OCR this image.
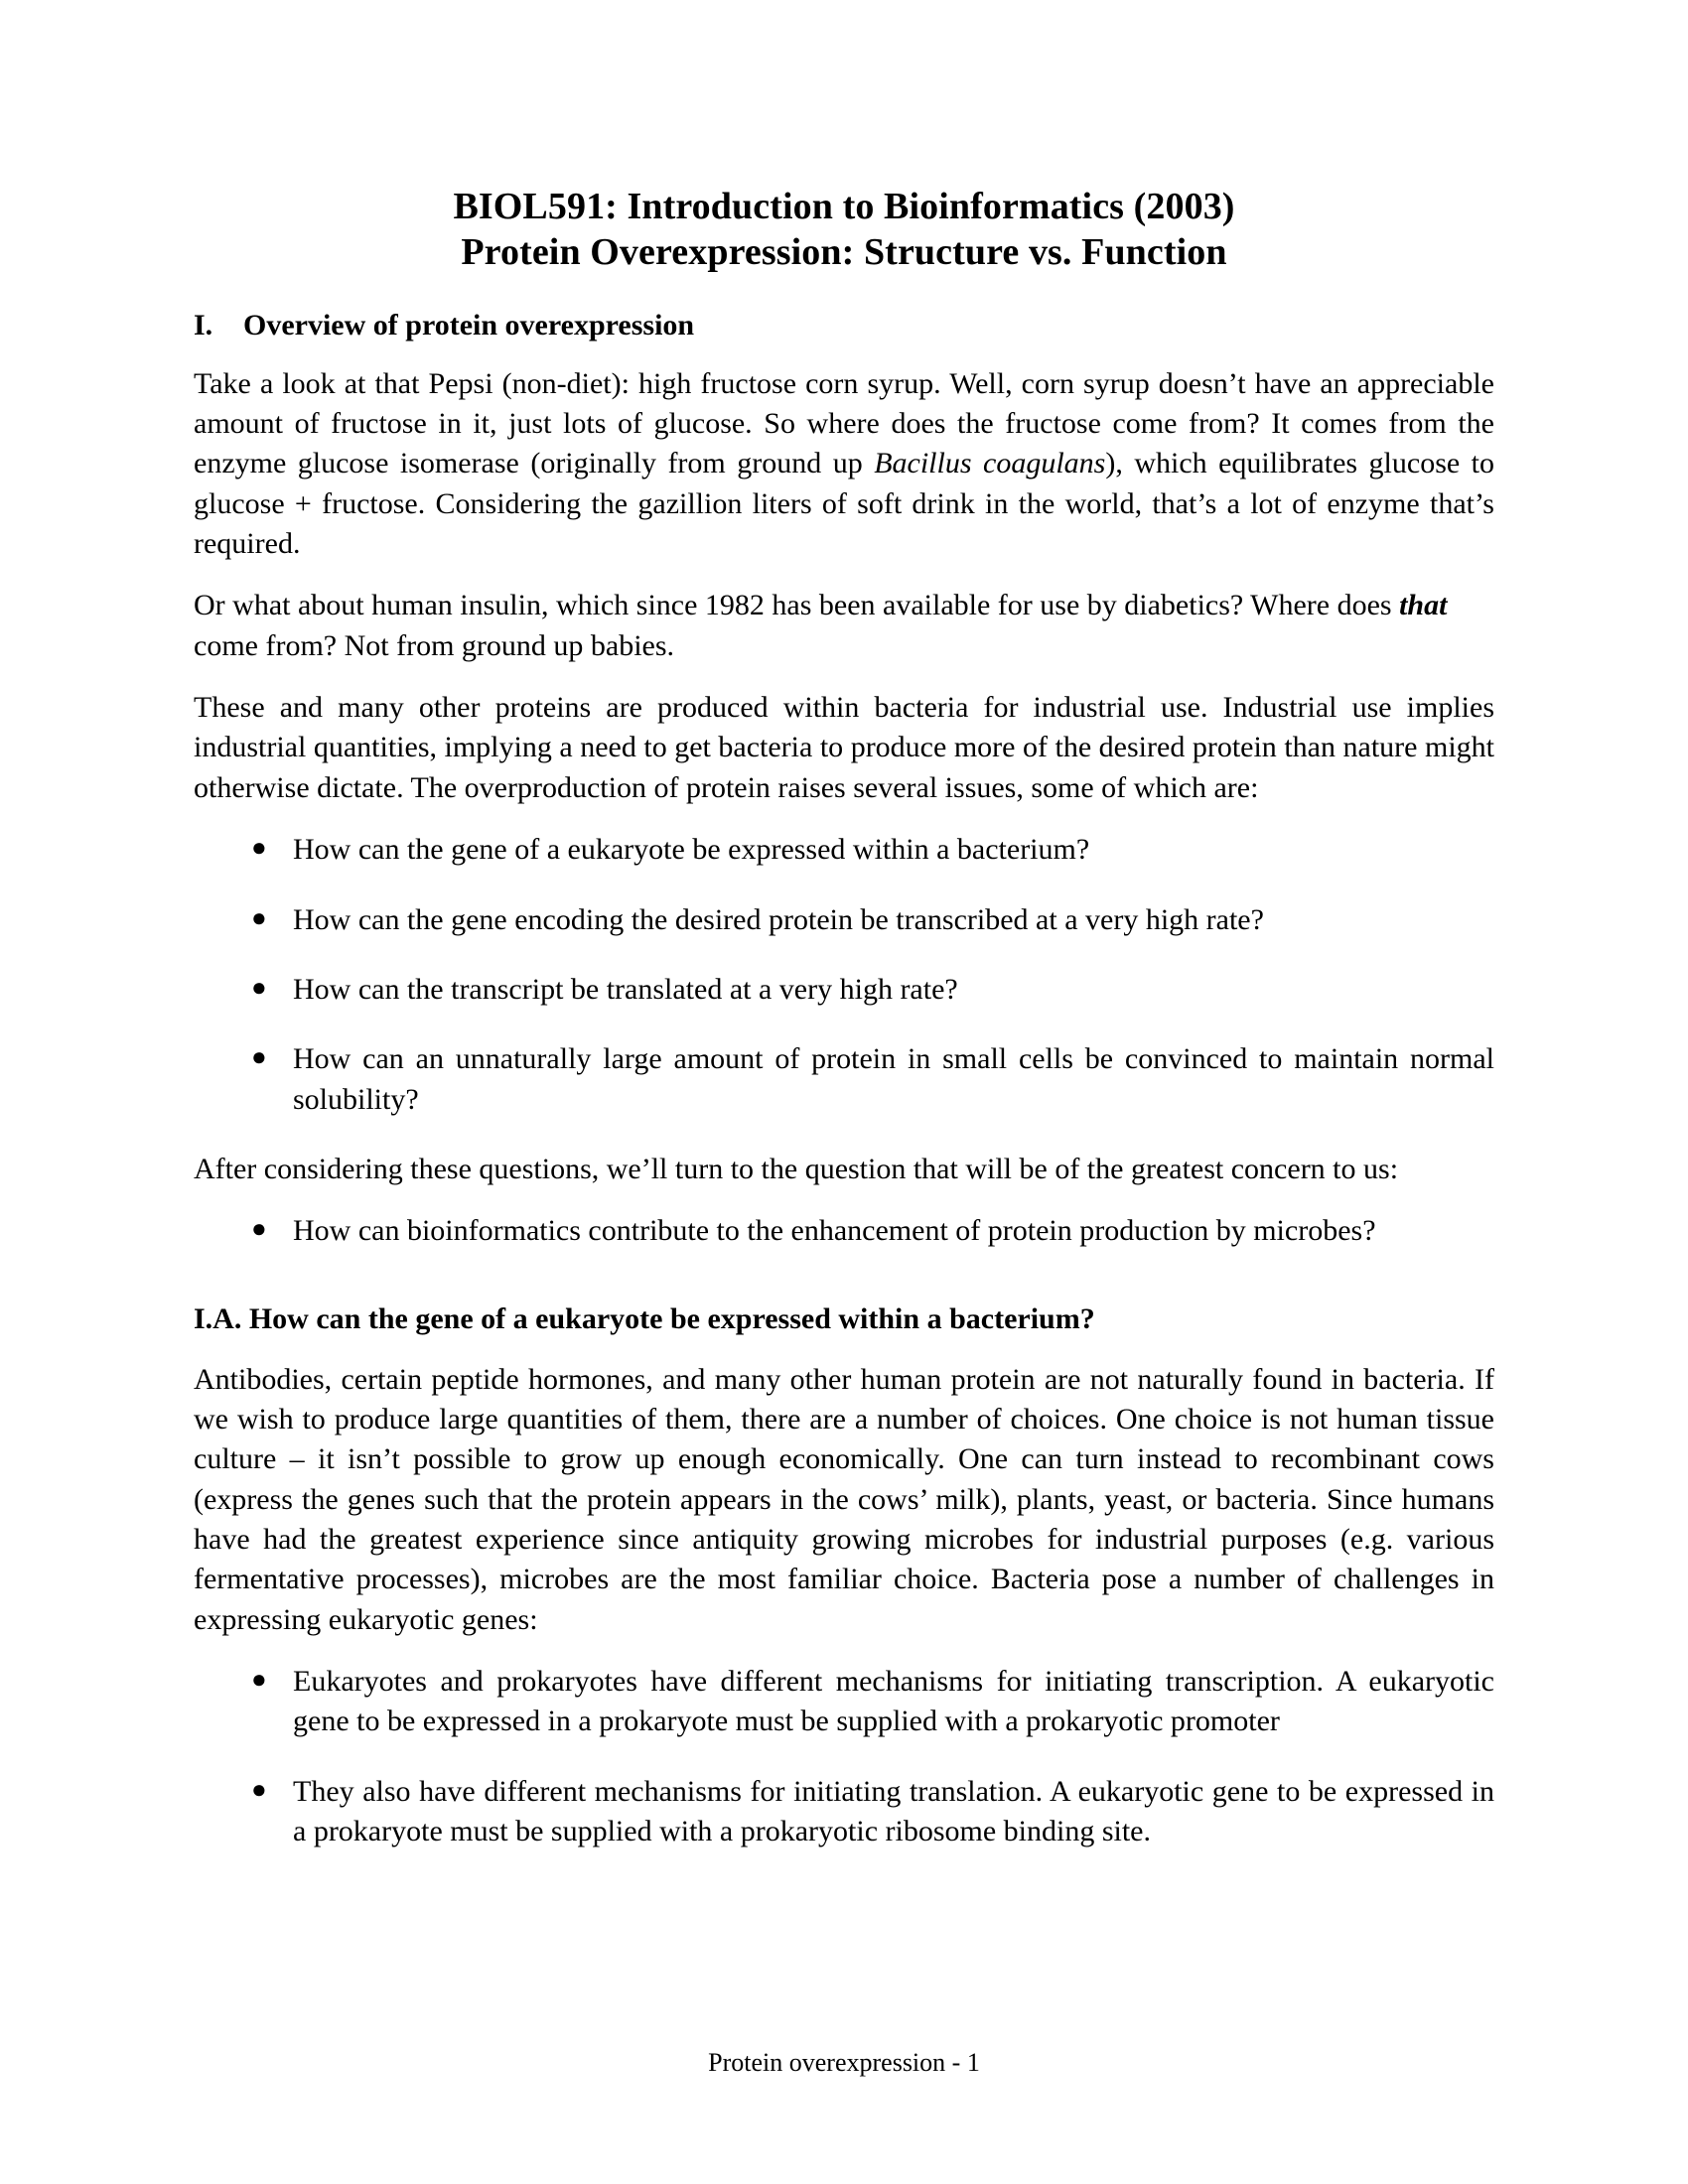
BIOL591: Introduction to Bioinformatics (2003)
Protein Overexpression: Structure vs. Function
I.	Overview of protein overexpression

Take a look at that Pepsi (non-diet): high fructose corn syrup. Well, corn syrup doesn’t have an appreciable amount of fructose in it, just lots of glucose. So where does the fructose come from? It comes from the enzyme glucose isomerase (originally from ground up Bacillus coagulans), which equilibrates glucose to glucose + fructose. Considering the gazillion liters of soft drink in the world, that’s a lot of enzyme that’s required.

Or what about human insulin, which since 1982 has been available for use by diabetics? Where does that come from? Not from ground up babies.

These and many other proteins are produced within bacteria for industrial use. Industrial use implies industrial quantities, implying a need to get bacteria to produce more of the desired protein than nature might otherwise dictate. The overproduction of protein raises several issues, some of which are:

● How can the gene of a eukaryote be expressed within a bacterium?
● How can the gene encoding the desired protein be transcribed at a very high rate?
● How can the transcript be translated at a very high rate?
● How can an unnaturally large amount of protein in small cells be convinced to maintain normal solubility?

After considering these questions, we’ll turn to the question that will be of the greatest concern to us:

● How can bioinformatics contribute to the enhancement of protein production by microbes?
I.A. How can the gene of a eukaryote be expressed within a bacterium?

Antibodies, certain peptide hormones, and many other human protein are not naturally found in bacteria. If we wish to produce large quantities of them, there are a number of choices. One choice is not human tissue culture – it isn’t possible to grow up enough economically. One can turn instead to recombinant cows (express the genes such that the protein appears in the cows’ milk), plants, yeast, or bacteria. Since humans have had the greatest experience since antiquity growing microbes for industrial purposes (e.g. various fermentative processes), microbes are the most familiar choice. Bacteria pose a number of challenges in expressing eukaryotic genes:

● Eukaryotes and prokaryotes have different mechanisms for initiating transcription. A eukaryotic gene to be expressed in a prokaryote must be supplied with a prokaryotic promoter
● They also have different mechanisms for initiating translation. A eukaryotic gene to be expressed in a prokaryote must be supplied with a prokaryotic ribosome binding site.
Protein overexpression - 1
